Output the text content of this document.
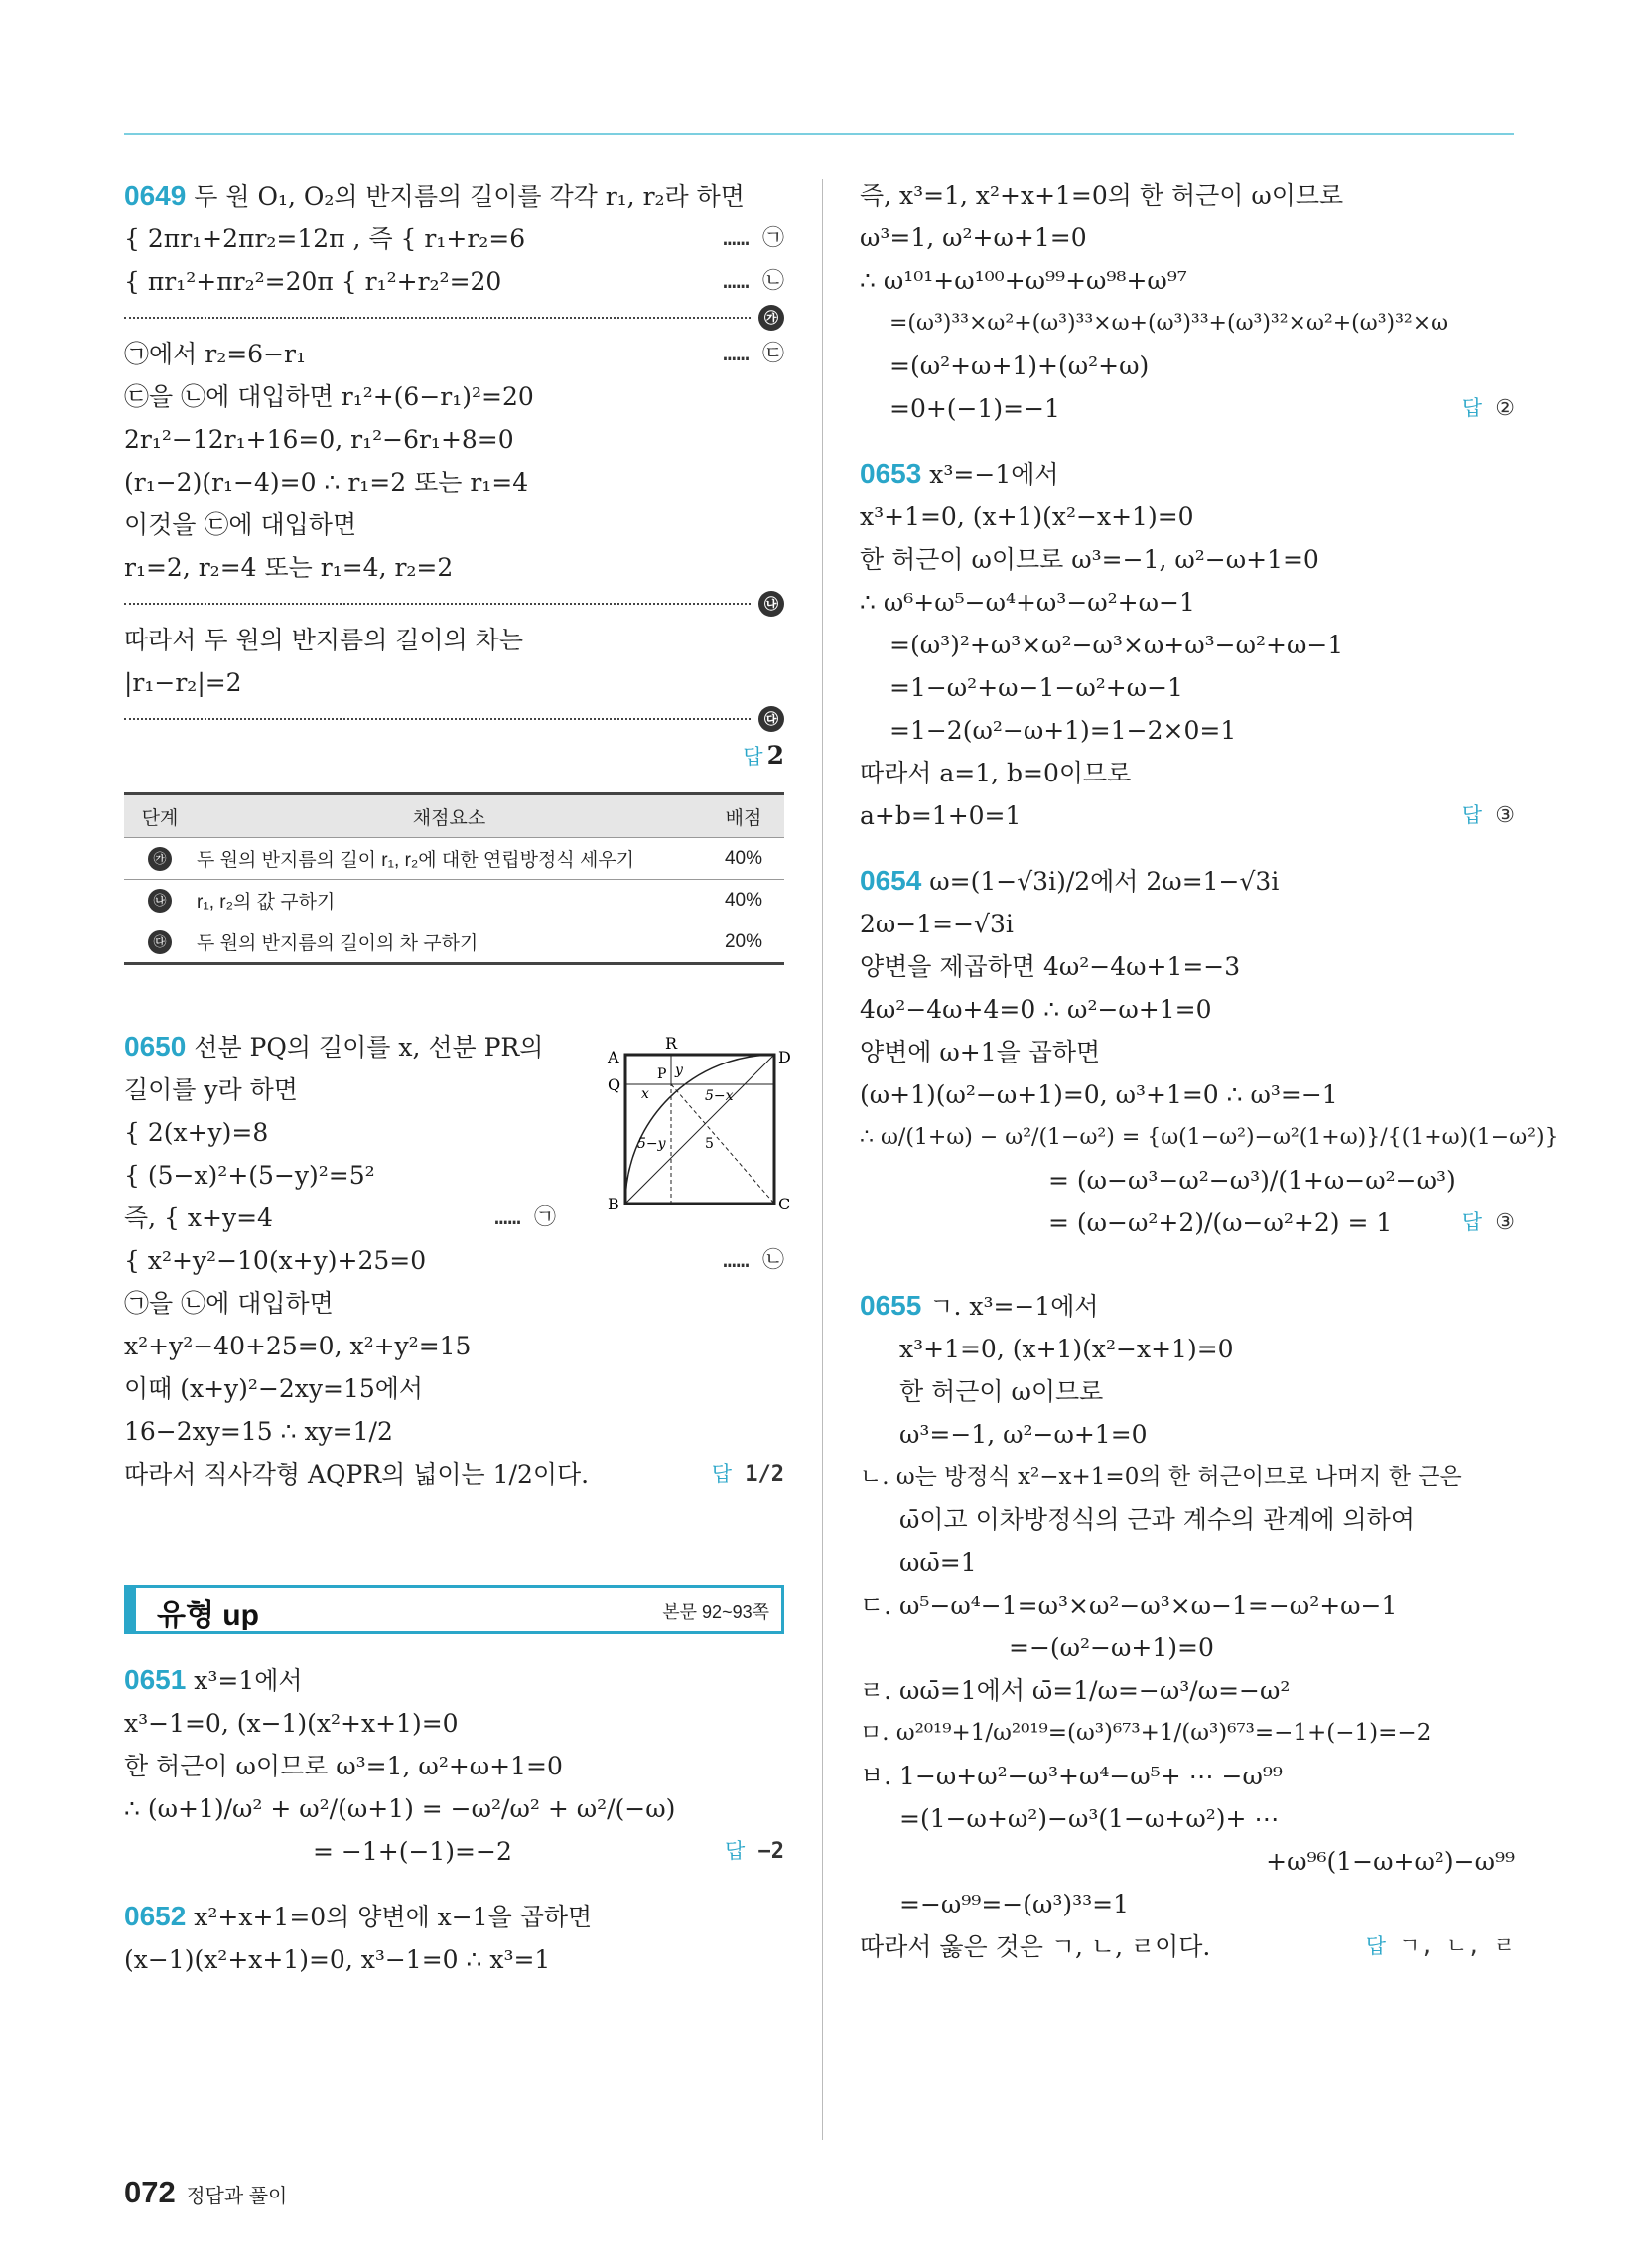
0649 두 원 O₁, O₂의 반지름의 길이를 각각 r₁, r₂라 하면
{ 2πr₁+2πr₂=12π , 즉 { r₁+r₂=6	…… ㉠
{ πr₁²+πr₂²=20π { r₁²+r₂²=20	…… ㉡
㉮
㉠에서 r₂=6−r₁	…… ㉢
㉢을 ㉡에 대입하면 r₁²+(6−r₁)²=20
2r₁²−12r₁+16=0, r₁²−6r₁+8=0
(r₁−2)(r₁−4)=0 ∴ r₁=2 또는 r₁=4
이것을 ㉢에 대입하면
r₁=2, r₂=4 또는 r₁=4, r₂=2
㉯
따라서 두 원의 반지름의 길이의 차는
|r₁−r₂|=2
㉰
답 2
단계	채점요소	배점
㉮	두 원의 반지름의 길이 r₁, r₂에 대한 연립방정식 세우기	40%
㉯	r₁, r₂의 값 구하기	40%
㉰	두 원의 반지름의 길이의 차 구하기	20%
A
R
D
Q
P
B	C
x
y
5−x
5−y	5
0650 선분 PQ의 길이를 x, 선분 PR의
길이를 y라 하면
{ 2(x+y)=8
{ (5−x)²+(5−y)²=5²
즉, { x+y=4	…… ㉠
{ x²+y²−10(x+y)+25=0	…… ㉡
㉠을 ㉡에 대입하면
x²+y²−40+25=0, x²+y²=15
이때 (x+y)²−2xy=15에서
16−2xy=15 ∴ xy=1/2
따라서 직사각형 AQPR의 넓이는 1/2이다.	답 1/2
유형 up	본문 92~93쪽
0651 x³=1에서
x³−1=0, (x−1)(x²+x+1)=0
한 허근이 ω이므로 ω³=1, ω²+ω+1=0
∴ (ω+1)/ω² + ω²/(ω+1) = −ω²/ω² + ω²/(−ω)
= −1+(−1)=−2	답 −2
0652 x²+x+1=0의 양변에 x−1을 곱하면
(x−1)(x²+x+1)=0, x³−1=0 ∴ x³=1
즉, x³=1, x²+x+1=0의 한 허근이 ω이므로
ω³=1, ω²+ω+1=0
∴ ω¹⁰¹+ω¹⁰⁰+ω⁹⁹+ω⁹⁸+ω⁹⁷
=(ω³)³³×ω²+(ω³)³³×ω+(ω³)³³+(ω³)³²×ω²+(ω³)³²×ω
=(ω²+ω+1)+(ω²+ω)
=0+(−1)=−1	답 ②
0653 x³=−1에서
x³+1=0, (x+1)(x²−x+1)=0
한 허근이 ω이므로 ω³=−1, ω²−ω+1=0
∴ ω⁶+ω⁵−ω⁴+ω³−ω²+ω−1
=(ω³)²+ω³×ω²−ω³×ω+ω³−ω²+ω−1
=1−ω²+ω−1−ω²+ω−1
=1−2(ω²−ω+1)=1−2×0=1
따라서 a=1, b=0이므로
a+b=1+0=1	답 ③
0654 ω=(1−√3i)/2에서 2ω=1−√3i
2ω−1=−√3i
양변을 제곱하면 4ω²−4ω+1=−3
4ω²−4ω+4=0 ∴ ω²−ω+1=0
양변에 ω+1을 곱하면
(ω+1)(ω²−ω+1)=0, ω³+1=0 ∴ ω³=−1
∴ ω/(1+ω) − ω²/(1−ω²) = {ω(1−ω²)−ω²(1+ω)}/{(1+ω)(1−ω²)}
= (ω−ω³−ω²−ω³)/(1+ω−ω²−ω³)
= (ω−ω²+2)/(ω−ω²+2) = 1	답 ③
0655 ㄱ. x³=−1에서
x³+1=0, (x+1)(x²−x+1)=0
한 허근이 ω이므로
ω³=−1, ω²−ω+1=0
ㄴ. ω는 방정식 x²−x+1=0의 한 허근이므로 나머지 한 근은
ω̄이고 이차방정식의 근과 계수의 관계에 의하여
ωω̄=1
ㄷ. ω⁵−ω⁴−1=ω³×ω²−ω³×ω−1=−ω²+ω−1
=−(ω²−ω+1)=0
ㄹ. ωω̄=1에서 ω̄=1/ω=−ω³/ω=−ω²
ㅁ. ω²⁰¹⁹+1/ω²⁰¹⁹=(ω³)⁶⁷³+1/(ω³)⁶⁷³=−1+(−1)=−2
ㅂ. 1−ω+ω²−ω³+ω⁴−ω⁵+ ⋯ −ω⁹⁹
=(1−ω+ω²)−ω³(1−ω+ω²)+ ⋯
+ω⁹⁶(1−ω+ω²)−ω⁹⁹
=−ω⁹⁹=−(ω³)³³=1
따라서 옳은 것은 ㄱ, ㄴ, ㄹ이다.	답 ㄱ, ㄴ, ㄹ
072 정답과 풀이
